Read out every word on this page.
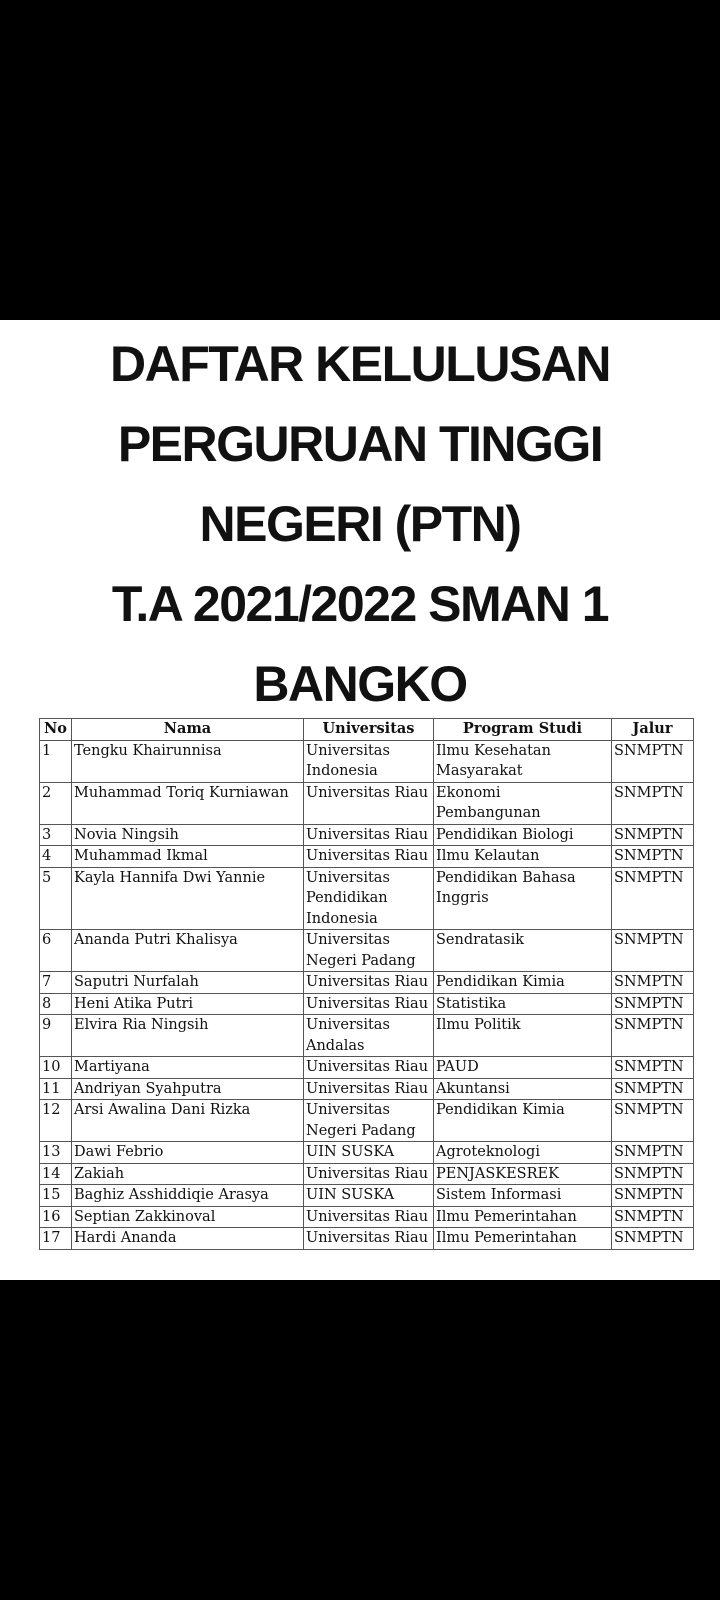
DAFTAR KELULUSAN
PERGURUAN TINGGI
NEGERI (PTN)
T.A 2021/2022 SMAN 1
BANGKO
No	Nama	Universitas	Program Studi	Jalur
1	Tengku Khairunnisa	Universitas Indonesia	Ilmu Kesehatan Masyarakat	SNMPTN
2	Muhammad Toriq Kurniawan	Universitas Riau	Ekonomi Pembangunan	SNMPTN
3	Novia Ningsih	Universitas Riau	Pendidikan Biologi	SNMPTN
4	Muhammad Ikmal	Universitas Riau	Ilmu Kelautan	SNMPTN
5	Kayla Hannifa Dwi Yannie	Universitas Pendidikan Indonesia	Pendidikan Bahasa Inggris	SNMPTN
6	Ananda Putri Khalisya	Universitas Negeri Padang	Sendratasik	SNMPTN
7	Saputri Nurfalah	Universitas Riau	Pendidikan Kimia	SNMPTN
8	Heni Atika Putri	Universitas Riau	Statistika	SNMPTN
9	Elvira Ria Ningsih	Universitas Andalas	Ilmu Politik	SNMPTN
10	Martiyana	Universitas Riau	PAUD	SNMPTN
11	Andriyan Syahputra	Universitas Riau	Akuntansi	SNMPTN
12	Arsi Awalina Dani Rizka	Universitas Negeri Padang	Pendidikan Kimia	SNMPTN
13	Dawi Febrio	UIN SUSKA	Agroteknologi	SNMPTN
14	Zakiah	Universitas Riau	PENJASKESREK	SNMPTN
15	Baghiz Asshiddiqie Arasya	UIN SUSKA	Sistem Informasi	SNMPTN
16	Septian Zakkinoval	Universitas Riau	Ilmu Pemerintahan	SNMPTN
17	Hardi Ananda	Universitas Riau	Ilmu Pemerintahan	SNMPTN
